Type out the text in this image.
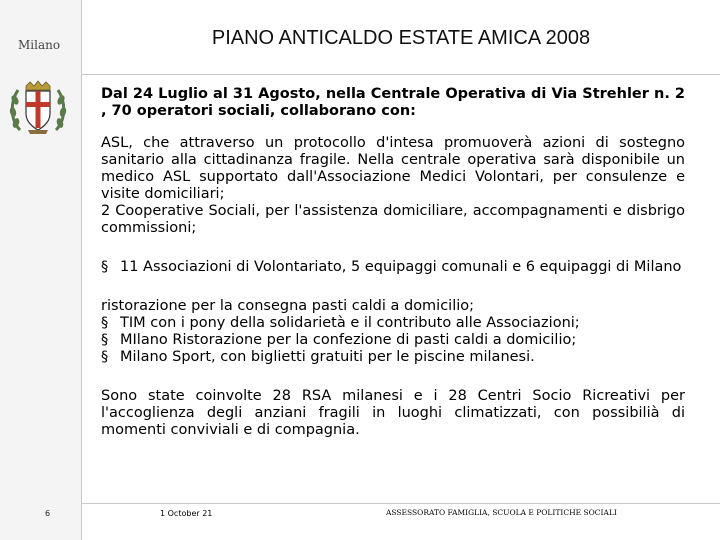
Milano
6
PIANO ANTICALDO ESTATE AMICA 2008

Dal 24 Luglio al 31 Agosto, nella Centrale Operativa di Via Strehler n. 2 , 70 operatori sociali, collaborano con:

ASL, che attraverso un protocollo d'intesa promuoverà azioni di sostegno sanitario alla cittadinanza fragile. Nella centrale operativa sarà disponibile un medico ASL supportato dall'Associazione Medici Volontari, per consulenze e visite domiciliari;

2 Cooperative Sociali, per l'assistenza domiciliare, accompagnamenti e disbrigo commissioni;

§ 11 Associazioni di Volontariato, 5 equipaggi comunali e 6 equipaggi di Milano

ristorazione per la consegna pasti caldi a domicilio;

§ TIM con i pony della solidarietà e il contributo alle Associazioni;
§ MIlano Ristorazione per la confezione di pasti caldi a domicilio;
§ Milano Sport, con biglietti gratuiti per le piscine milanesi.

Sono state coinvolte 28 RSA milanesi e i 28 Centri Socio Ricreativi per l'accoglienza degli anziani fragili in luoghi climatizzati, con possibilià di momenti conviviali e di compagnia.

1 October 21	ASSESSORATO FAMIGLIA, SCUOLA E POLITICHE SOCIALI
